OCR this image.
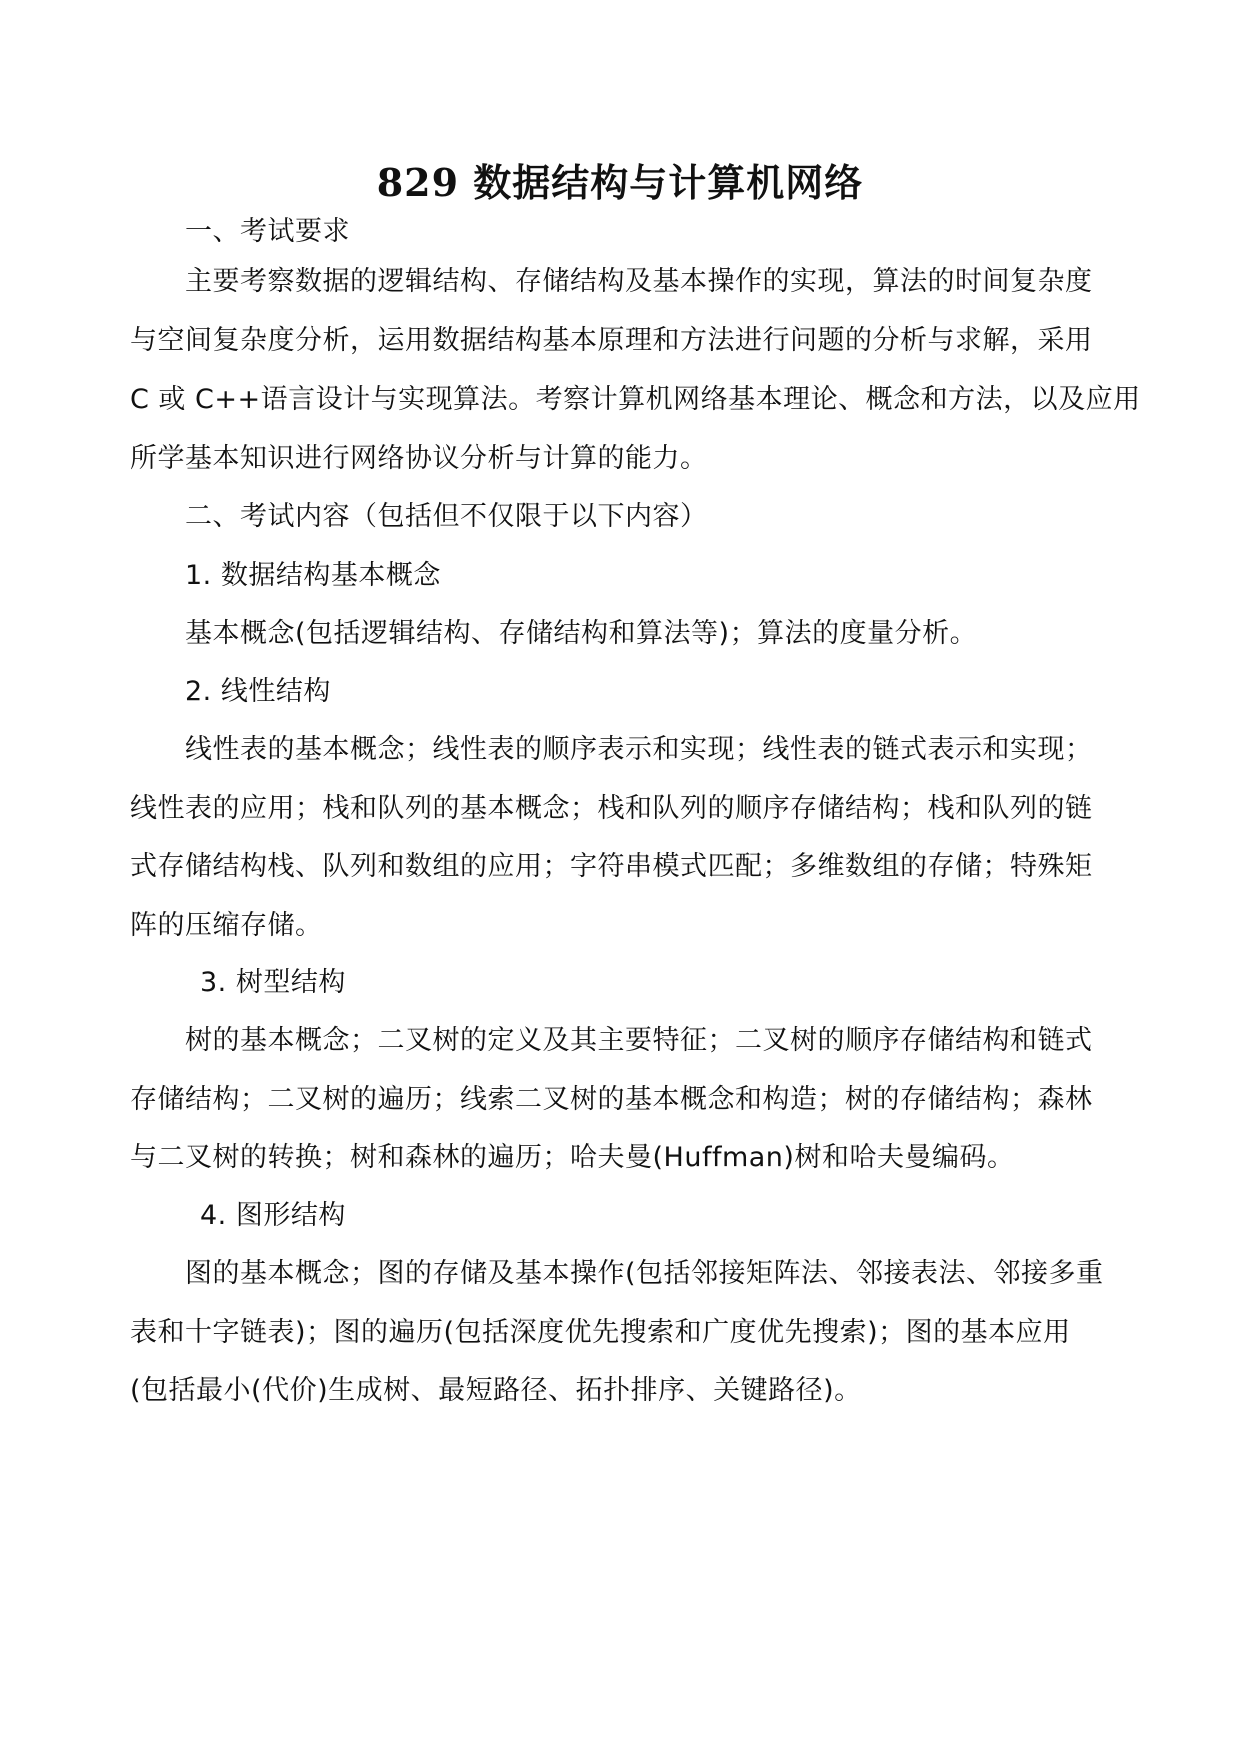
829 数据结构与计算机网络
一、考试要求
主要考察数据的逻辑结构、存储结构及基本操作的实现，算法的时间复杂度
与空间复杂度分析，运用数据结构基本原理和方法进行问题的分析与求解，采用
C 或 C++语言设计与实现算法。考察计算机网络基本理论、概念和方法，以及应用
所学基本知识进行网络协议分析与计算的能力。
二、考试内容（包括但不仅限于以下内容）
1. 数据结构基本概念
基本概念(包括逻辑结构、存储结构和算法等)；算法的度量分析。
2. 线性结构
线性表的基本概念；线性表的顺序表示和实现；线性表的链式表示和实现；
线性表的应用；栈和队列的基本概念；栈和队列的顺序存储结构；栈和队列的链
式存储结构栈、队列和数组的应用；字符串模式匹配；多维数组的存储；特殊矩
阵的压缩存储。
3. 树型结构
树的基本概念；二叉树的定义及其主要特征；二叉树的顺序存储结构和链式
存储结构；二叉树的遍历；线索二叉树的基本概念和构造；树的存储结构；森林
与二叉树的转换；树和森林的遍历；哈夫曼(Huffman)树和哈夫曼编码。
4. 图形结构
图的基本概念；图的存储及基本操作(包括邻接矩阵法、邻接表法、邻接多重
表和十字链表)；图的遍历(包括深度优先搜索和广度优先搜索)；图的基本应用
(包括最小(代价)生成树、最短路径、拓扑排序、关键路径)。
